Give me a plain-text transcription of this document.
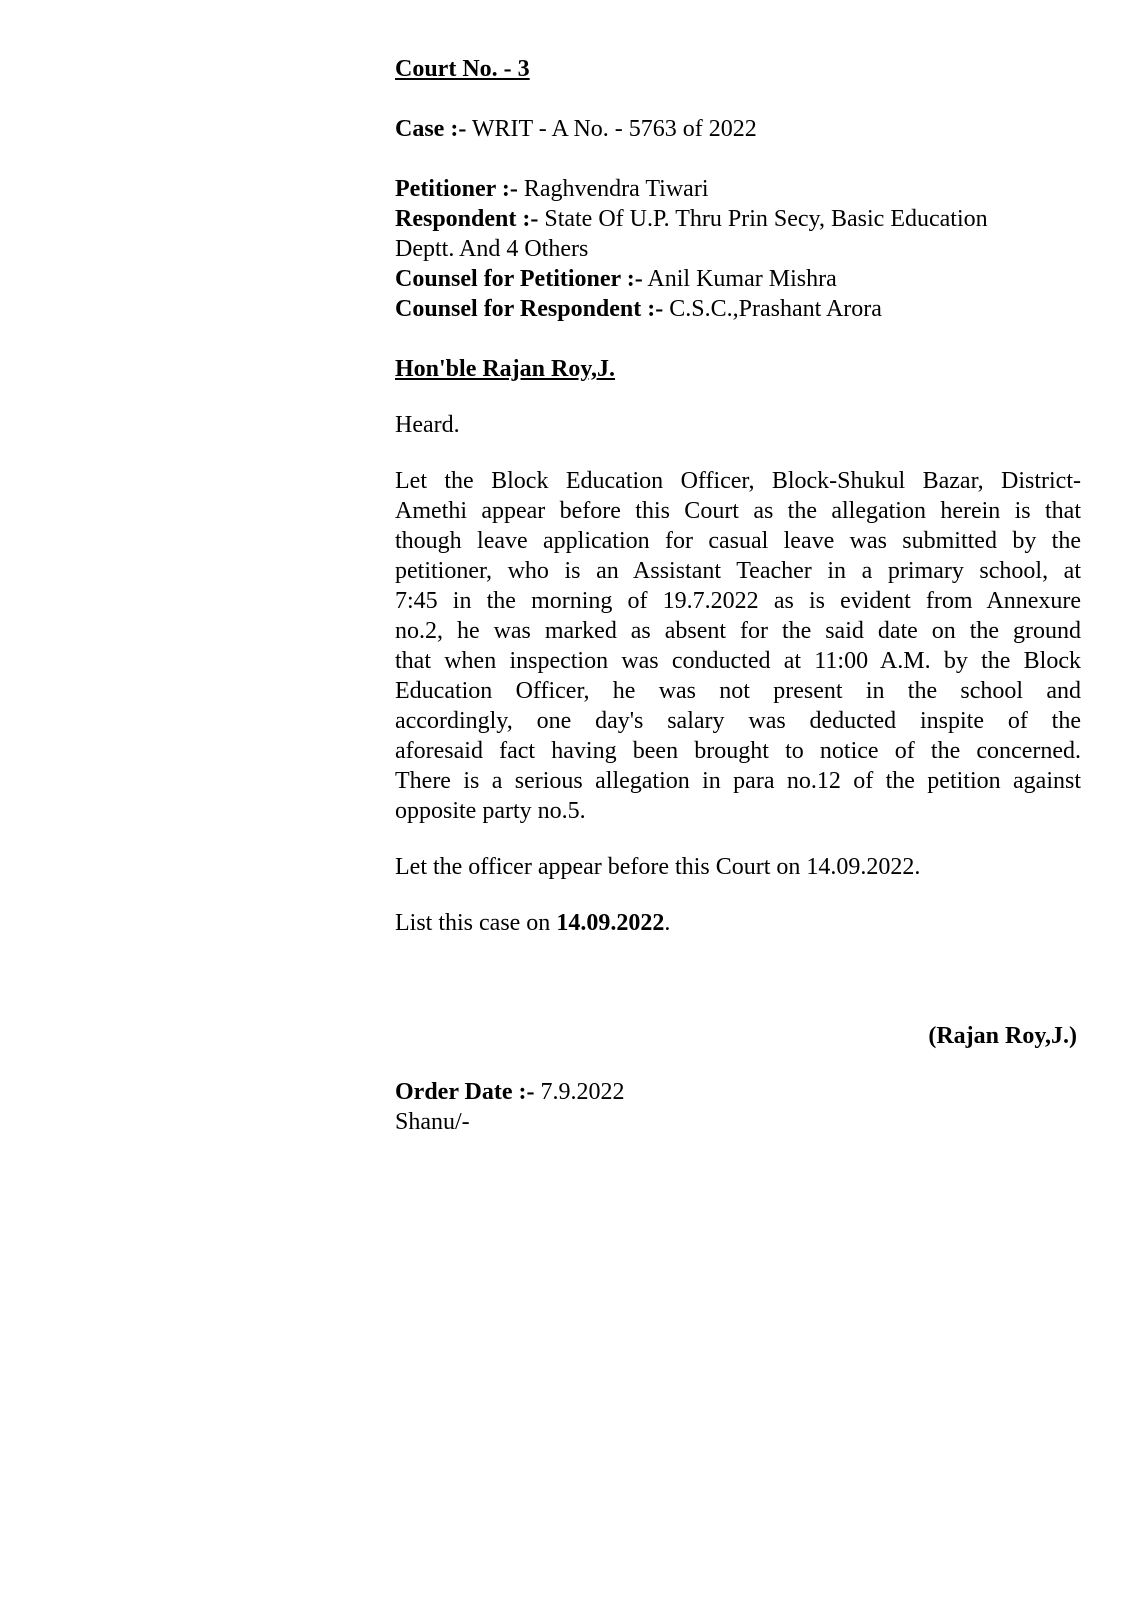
Court No. - 3
Case :- WRIT - A No. - 5763 of 2022
Petitioner :- Raghvendra Tiwari
Respondent :- State Of U.P. Thru Prin Secy, Basic Education
Deptt. And 4 Others
Counsel for Petitioner :- Anil Kumar Mishra
Counsel for Respondent :- C.S.C.,Prashant Arora
Hon'ble Rajan Roy,J.
Heard.
Let the Block Education Officer, Block-Shukul Bazar, District-
Amethi appear before this Court as the allegation herein is that
though leave application for casual leave was submitted by the
petitioner, who is an Assistant Teacher in a primary school, at
7:45 in the morning of 19.7.2022 as is evident from Annexure
no.2, he was marked as absent for the said date on the ground
that when inspection was conducted at 11:00 A.M. by the Block
Education Officer, he was not present in the school and
accordingly, one day's salary was deducted inspite of the
aforesaid fact having been brought to notice of the concerned.
There is a serious allegation in para no.12 of the petition against
opposite party no.5.
Let the officer appear before this Court on 14.09.2022.
List this case on 14.09.2022.
(Rajan Roy,J.)
Order Date :- 7.9.2022
Shanu/-
